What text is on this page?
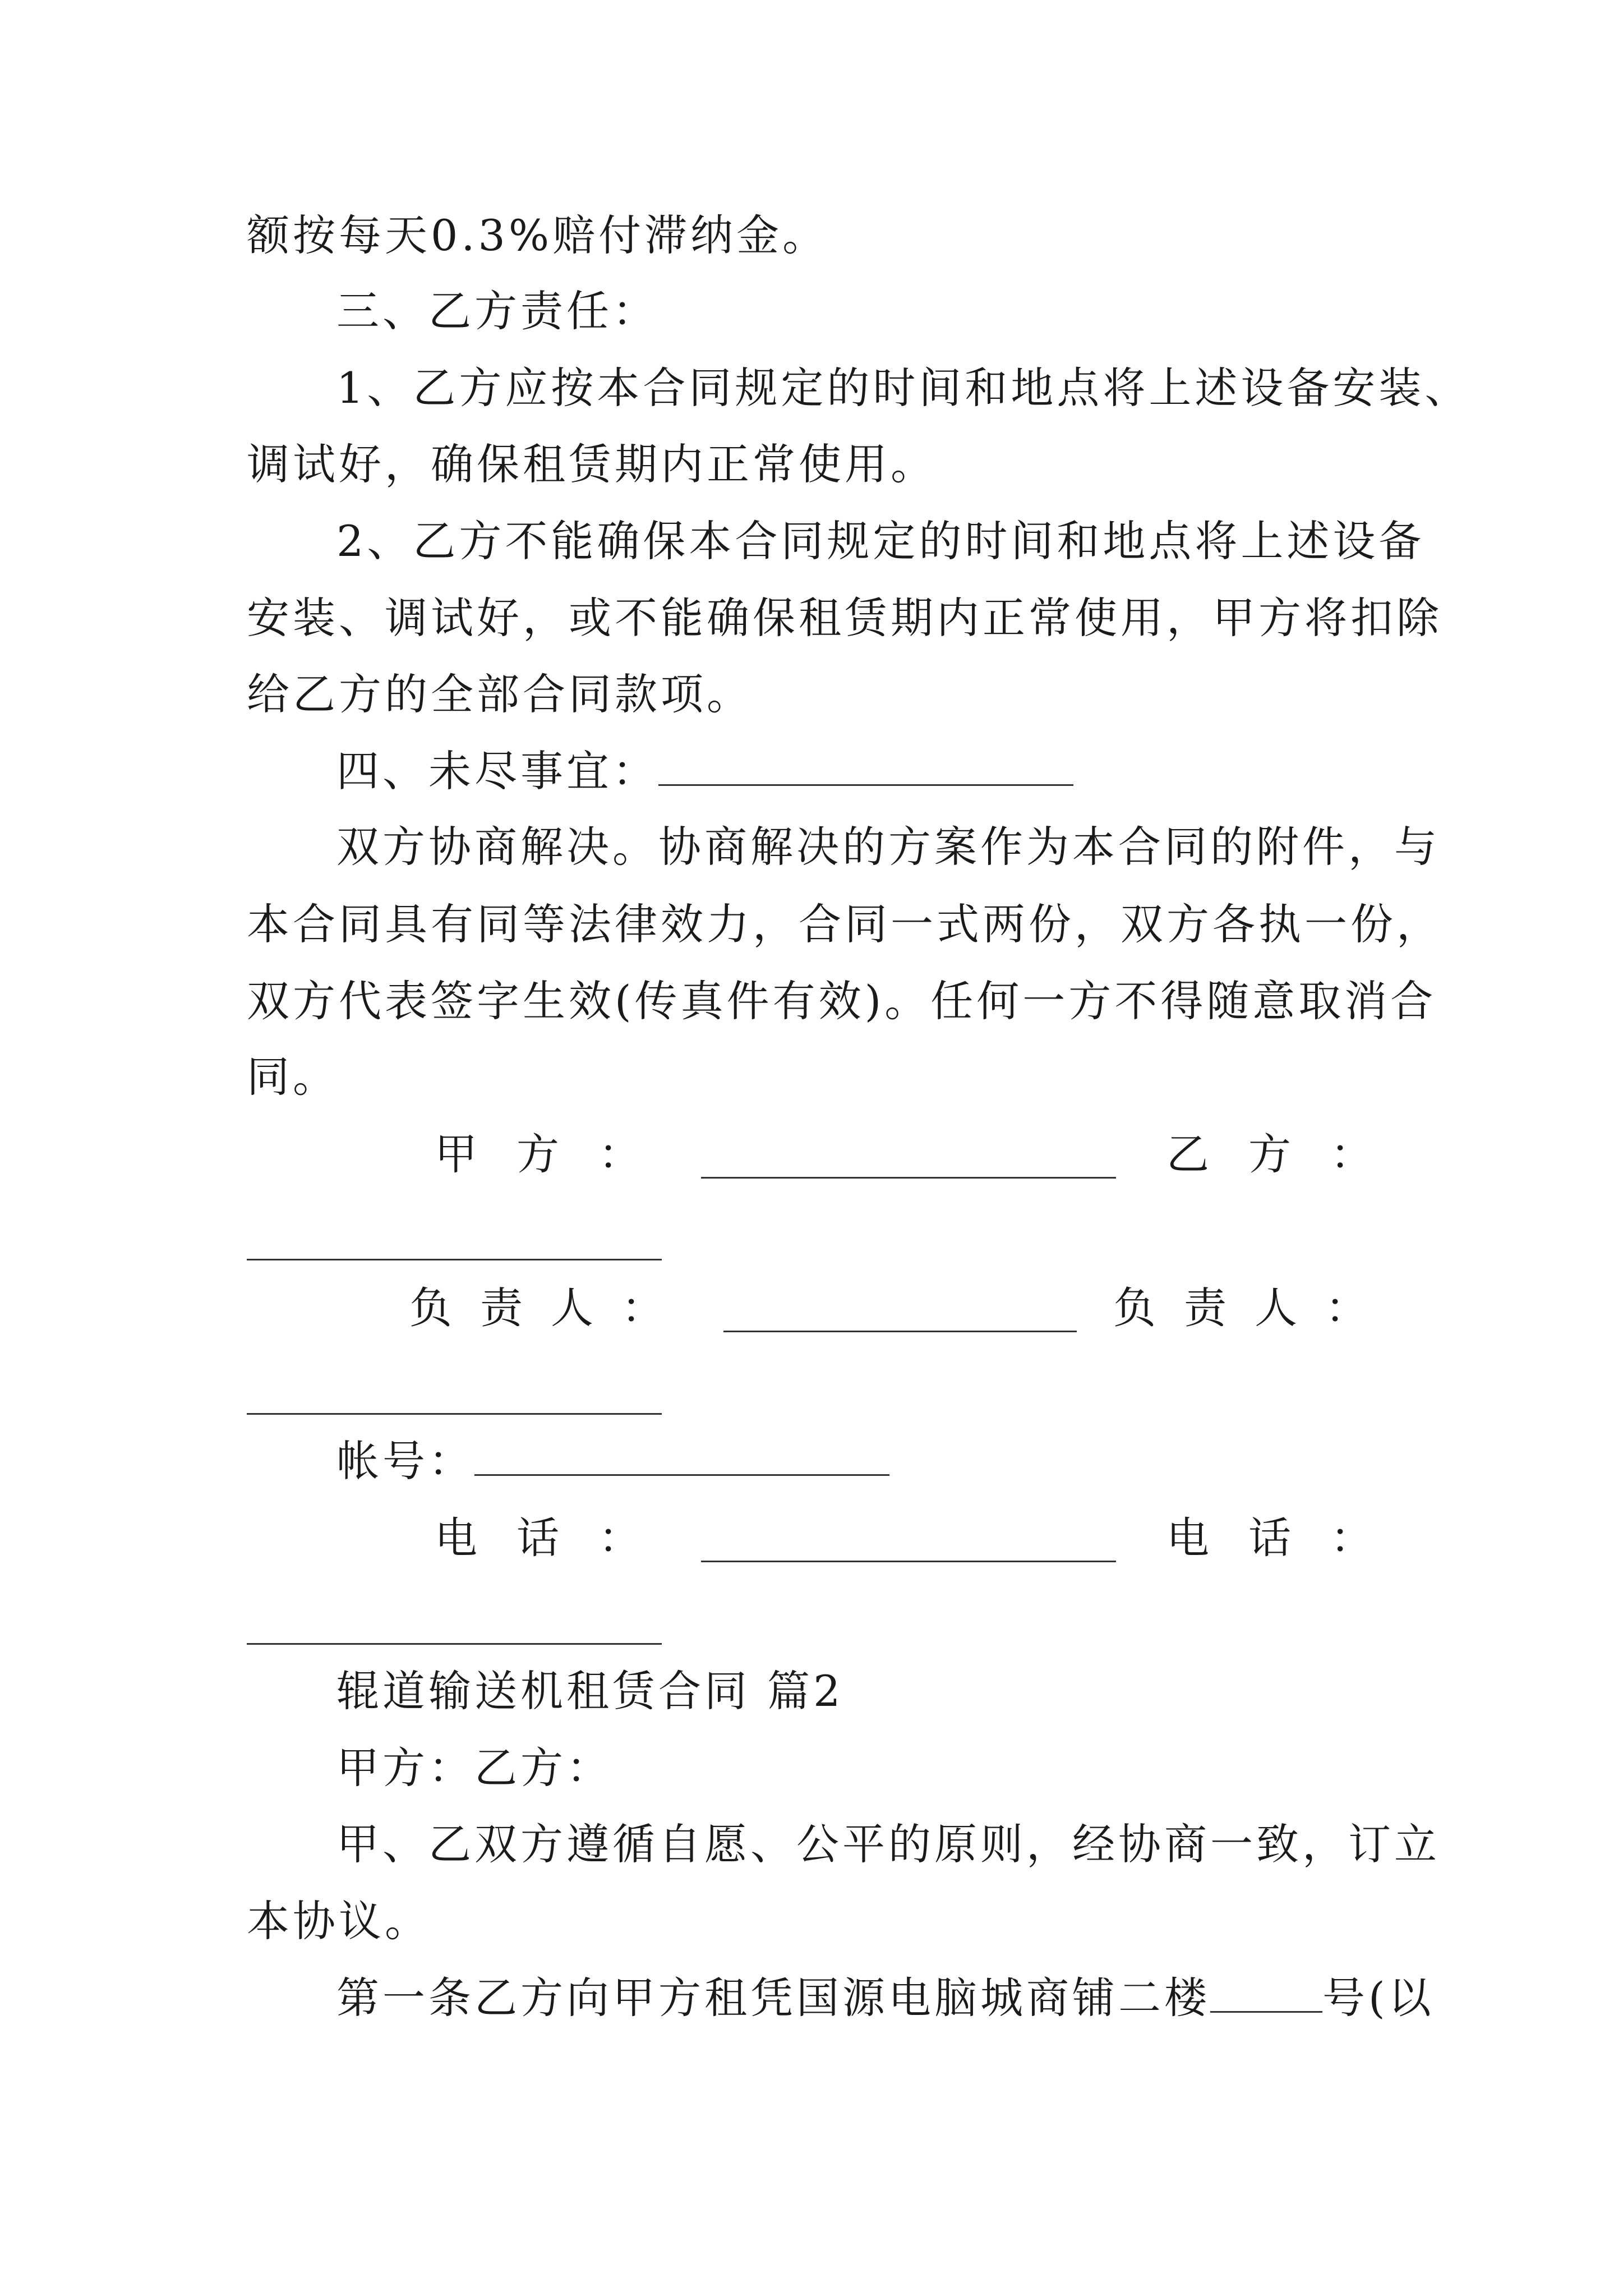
额按每天0.3%赔付滞纳金。
三、乙方责任：
1、乙方应按本合同规定的时间和地点将上述设备安装、
调试好，确保租赁期内正常使用。
2、乙方不能确保本合同规定的时间和地点将上述设备
安装、调试好，或不能确保租赁期内正常使用，甲方将扣除
给乙方的全部合同款项。
四、未尽事宜：
双方协商解决。协商解决的方案作为本合同的附件，与
本合同具有同等法律效力，合同一式两份，双方各执一份，
双方代表签字生效(传真件有效)。任何一方不得随意取消合
同。
甲 方 ：	乙 方 ：
负 责 人 ：	负 责 人 ：
帐号：
电 话 ：	电 话 ：
辊道输送机租赁合同 篇2
甲方：乙方：
甲、乙双方遵循自愿、公平的原则，经协商一致，订立
本协议。
第一条乙方向甲方租凭国源电脑城商铺二楼	号(以
